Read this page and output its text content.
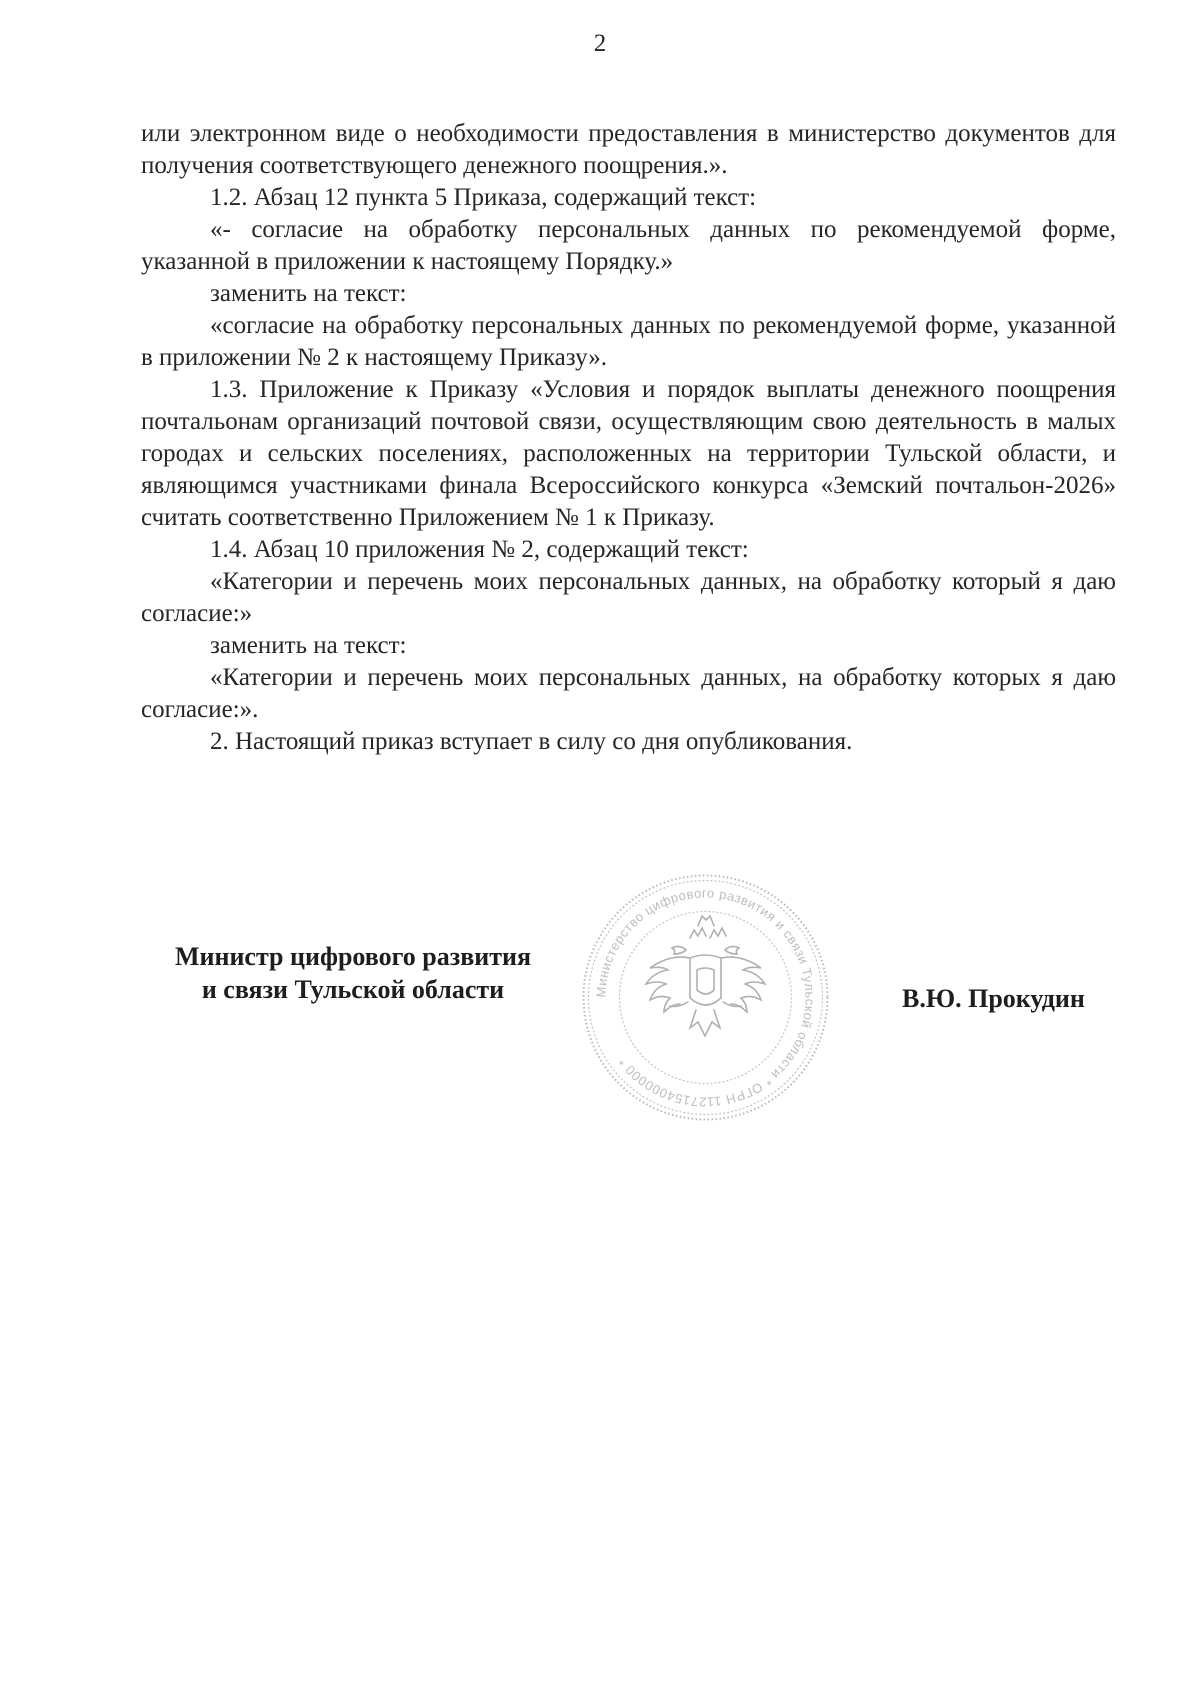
2

или электронном виде о необходимости предоставления в министерство документов для получения соответствующего денежного поощрения.».

1.2. Абзац 12 пункта 5 Приказа, содержащий текст:

«- согласие на обработку персональных данных по рекомендуемой форме, указанной в приложении к настоящему Порядку.»

заменить на текст:

«согласие на обработку персональных данных по рекомендуемой форме, указанной в приложении № 2 к настоящему Приказу».

1.3. Приложение к Приказу «Условия и порядок выплаты денежного поощрения почтальонам организаций почтовой связи, осуществляющим свою деятельность в малых городах и сельских поселениях, расположенных на территории Тульской области, и являющимся участниками финала Всероссийского конкурса «Земский почтальон-2026» считать соответственно Приложением № 1 к Приказу.

1.4. Абзац 10 приложения № 2, содержащий текст:

«Категории и перечень моих персональных данных, на обработку который я даю согласие:»

заменить на текст:

«Категории и перечень моих персональных данных, на обработку которых я даю согласие:».

2. Настоящий приказ вступает в силу со дня опубликования.

Министр цифрового развития
и связи Тульской области	Министерство цифрового развития и связи Тульской области * ОГРН 1127154000000 *
В.Ю. Прокудин
